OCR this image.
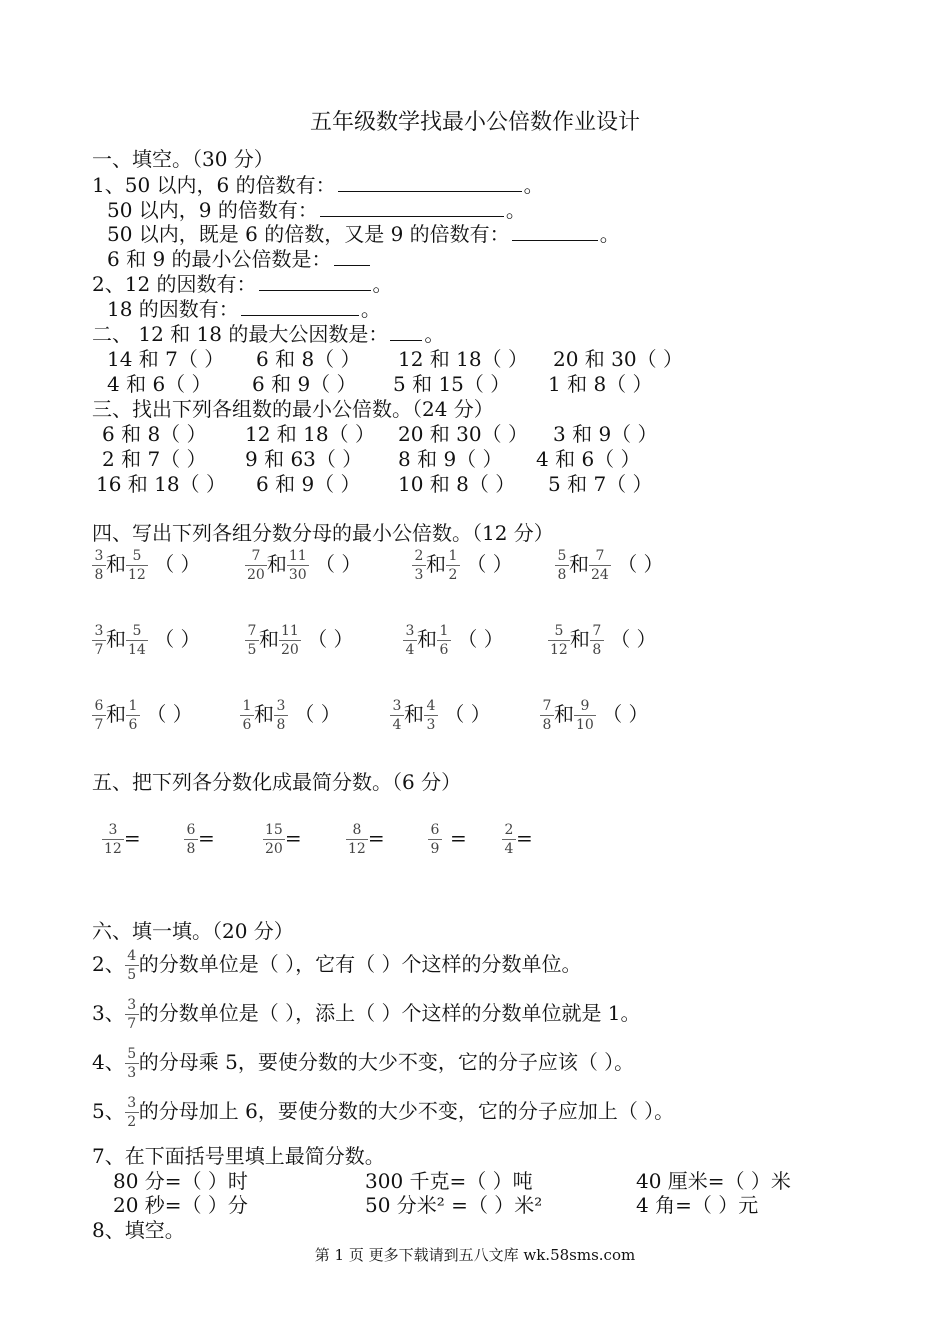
五年级数学找最小公倍数作业设计
一、填空。（30 分）
1、50 以内，6 的倍数有：	。
50 以内，9 的倍数有：	。
50 以内，既是 6 的倍数，又是 9 的倍数有：	。
6 和 9 的最小公倍数是：
2、12 的因数有：	。
18 的因数有：	。
二、 12 和 18 的最大公因数是： 。
14 和 7（ ） 6 和 8（ ） 12 和 18（ ） 20 和 30（ ）
4 和 6（ ） 6 和 9（ ） 5 和 15（ ） 1 和 8（ ）
三、找出下列各组数的最小公倍数。（24 分）
6 和 8（ ） 12 和 18（ ） 20 和 30（ ） 3 和 9（ ）
2 和 7（ ） 9 和 63（ ） 8 和 9（ ） 4 和 6（ ）
16 和 18（ ） 6 和 9（ ） 10 和 8（ ） 5 和 7（ ）
四、写出下列各组分数分母的最小公倍数。（12 分）
$\frac{3}{8}$ 和 $\frac{5}{12}$ （ ）	$\frac{7}{20}$ 和 $\frac{11}{30}$ （ ）	$\frac{2}{3}$ 和 $\frac{1}{2}$ （ ）	$\frac{5}{8}$ 和 $\frac{7}{24}$ （ ）
$\frac{3}{7}$ 和 $\frac{5}{14}$ （ ）	$\frac{7}{5}$ 和 $\frac{11}{20}$ （ ）	$\frac{3}{4}$ 和 $\frac{1}{6}$ （ ）	$\frac{5}{12}$ 和 $\frac{7}{8}$ （ ）
$\frac{6}{7}$ 和 $\frac{1}{6}$ （ ）	$\frac{1}{6}$ 和 $\frac{3}{8}$ （ ）	$\frac{3}{4}$ 和 $\frac{4}{3}$ （ ）	$\frac{7}{8}$ 和 $\frac{9}{10}$ （ ）
五、把下列各分数化成最简分数。（6 分）
$\frac{3}{12}$ =	$\frac{6}{8}$ =	$\frac{15}{20}$ =	$\frac{8}{12}$ =	$\frac{6}{9}$ =	$\frac{2}{4}$ =
六、填一填。（20 分）
2、 $\frac{4}{5}$ 的分数单位是（ ），它有（ ）个这样的分数单位。
3、 $\frac{3}{7}$ 的分数单位是（ ），添上（ ）个这样的分数单位就是 1。
4、 $\frac{5}{3}$ 的分母乘 5，要使分数的大少不变，它的分子应该（ ）。
5、 $\frac{3}{2}$ 的分母加上 6，要使分数的大少不变，它的分子应加上（ ）。
7、在下面括号里填上最简分数。
80 分=（ ）时	300 千克=（ ）吨	40 厘米=（ ）米
20 秒=（ ）分	50 分米² =（ ）米²	4 角=（ ）元
8、填空。
第 1 页 更多下载请到五八文库 wk.58sms.com
